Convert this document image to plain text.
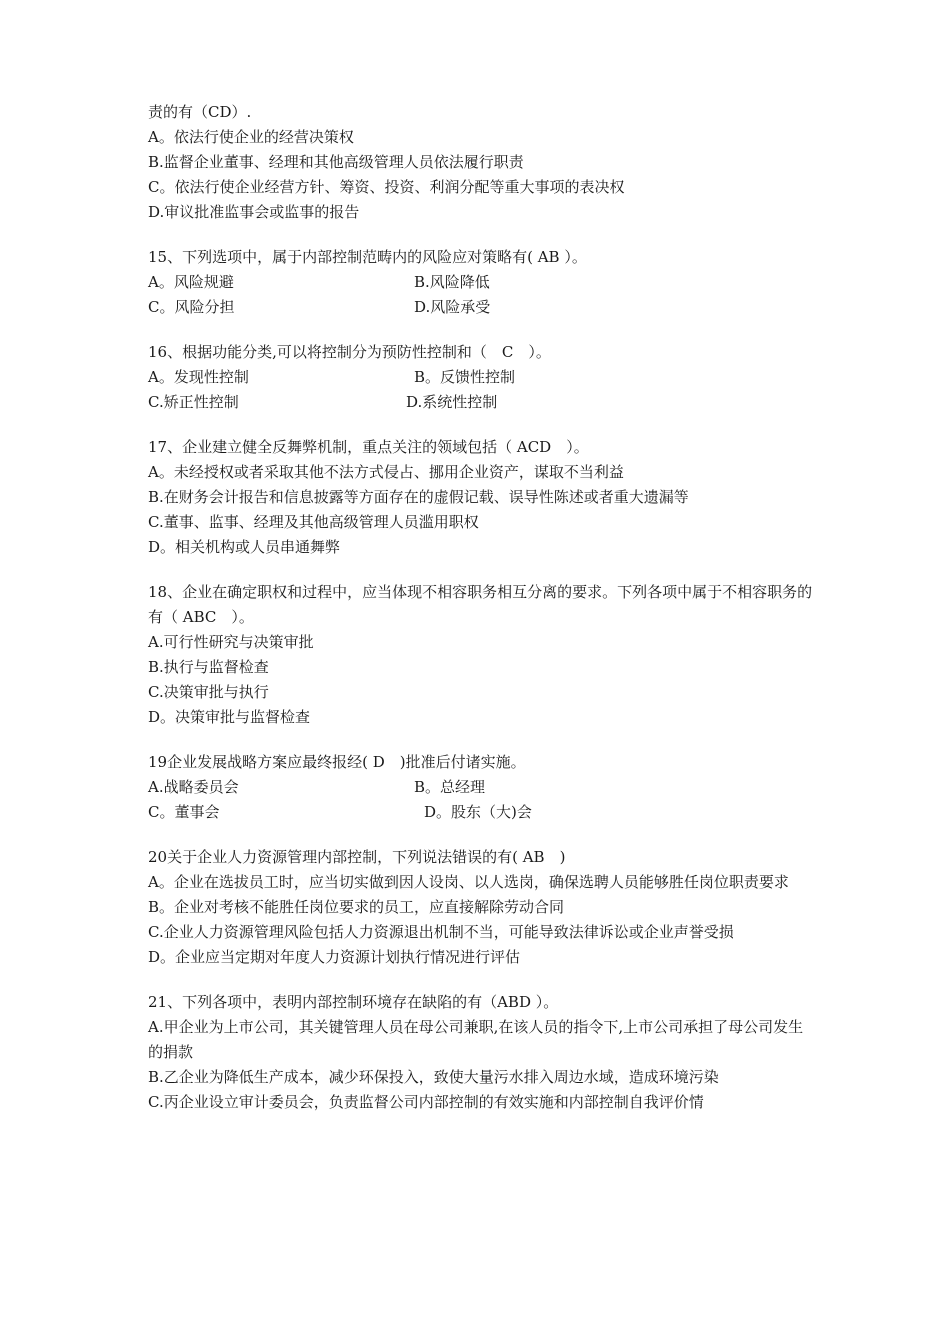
责的有（CD）.
A。依法行使企业的经营决策权
B.监督企业董事、经理和其他高级管理人员依法履行职责
C。依法行使企业经营方针、筹资、投资、利润分配等重大事项的表决权
D.审议批准监事会或监事的报告
15、下列选项中，属于内部控制范畴内的风险应对策略有( AB ）。
A。风险规避	B.风险降低
C。风险分担	D.风险承受
16、根据功能分类,可以将控制分为预防性控制和（　C　）。
A。发现性控制	B。反馈性控制
C.矫正性控制	D.系统性控制
17、企业建立健全反舞弊机制，重点关注的领域包括（ ACD　）。
A。未经授权或者采取其他不法方式侵占、挪用企业资产，谋取不当利益
B.在财务会计报告和信息披露等方面存在的虚假记载、误导性陈述或者重大遗漏等
C.董事、监事、经理及其他高级管理人员滥用职权
D。相关机构或人员串通舞弊
18、企业在确定职权和过程中，应当体现不相容职务相互分离的要求。下列各项中属于不相容职务的有（ ABC　）。
A.可行性研究与决策审批
B.执行与监督检查
C.决策审批与执行
D。决策审批与监督检查
19企业发展战略方案应最终报经( D　)批准后付诸实施。
A.战略委员会	B。总经理
C。董事会	D。股东（大)会
20关于企业人力资源管理内部控制，下列说法错误的有( AB　)
A。企业在选拔员工时，应当切实做到因人设岗、以人选岗，确保选聘人员能够胜任岗位职责要求
B。企业对考核不能胜任岗位要求的员工，应直接解除劳动合同
C.企业人力资源管理风险包括人力资源退出机制不当，可能导致法律诉讼或企业声誉受损
D。企业应当定期对年度人力资源计划执行情况进行评估
21、下列各项中，表明内部控制环境存在缺陷的有（ABD ）。
A.甲企业为上市公司，其关键管理人员在母公司兼职,在该人员的指令下,上市公司承担了母公司发生的捐款
B.乙企业为降低生产成本，减少环保投入，致使大量污水排入周边水域，造成环境污染
C.丙企业设立审计委员会，负责监督公司内部控制的有效实施和内部控制自我评价情
